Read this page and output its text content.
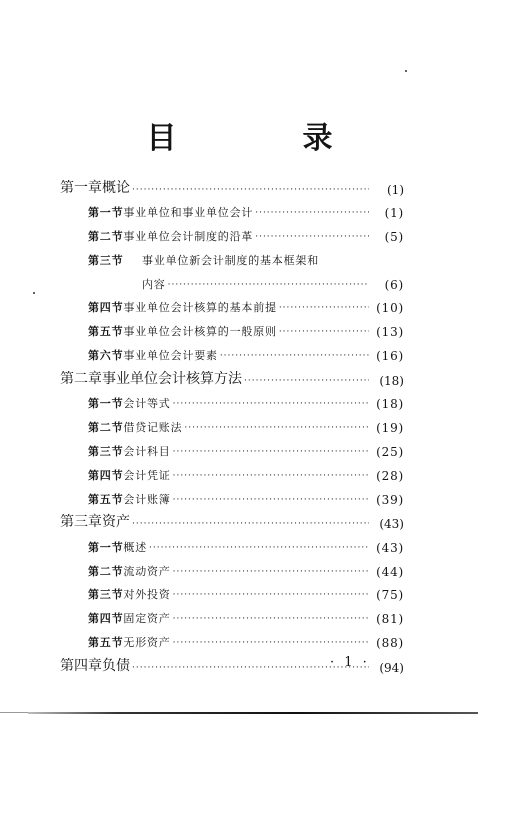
目　录
第一章 概论 ·····	(1)
第一节 事业单位和事业单位会计 ·····	(1)
第二节 事业单位会计制度的沿革 ·····	(5)
第三节	事业单位新会计制度的基本框架和
内容 ·····	(6)
第四节 事业单位会计核算的基本前提 ·····	(10)
第五节 事业单位会计核算的一般原则 ·····	(13)
第六节 事业单位会计要素 ·····	(16)
第二章 事业单位会计核算方法 ·····	(18)
第一节 会计等式 ·····	(18)
第二节 借贷记账法 ·····	(19)
第三节 会计科目 ·····	(25)
第四节 会计凭证 ·····	(28)
第五节 会计账簿 ·····	(39)
第三章 资产 ·····	(43)
第一节 概述 ·····	(43)
第二节 流动资产 ·····	(44)
第三节 对外投资 ·····	(75)
第四节 固定资产 ·····	(81)
第五节 无形资产 ·····	(88)
第四章 负债 ·····	(94)
· 1 ·
